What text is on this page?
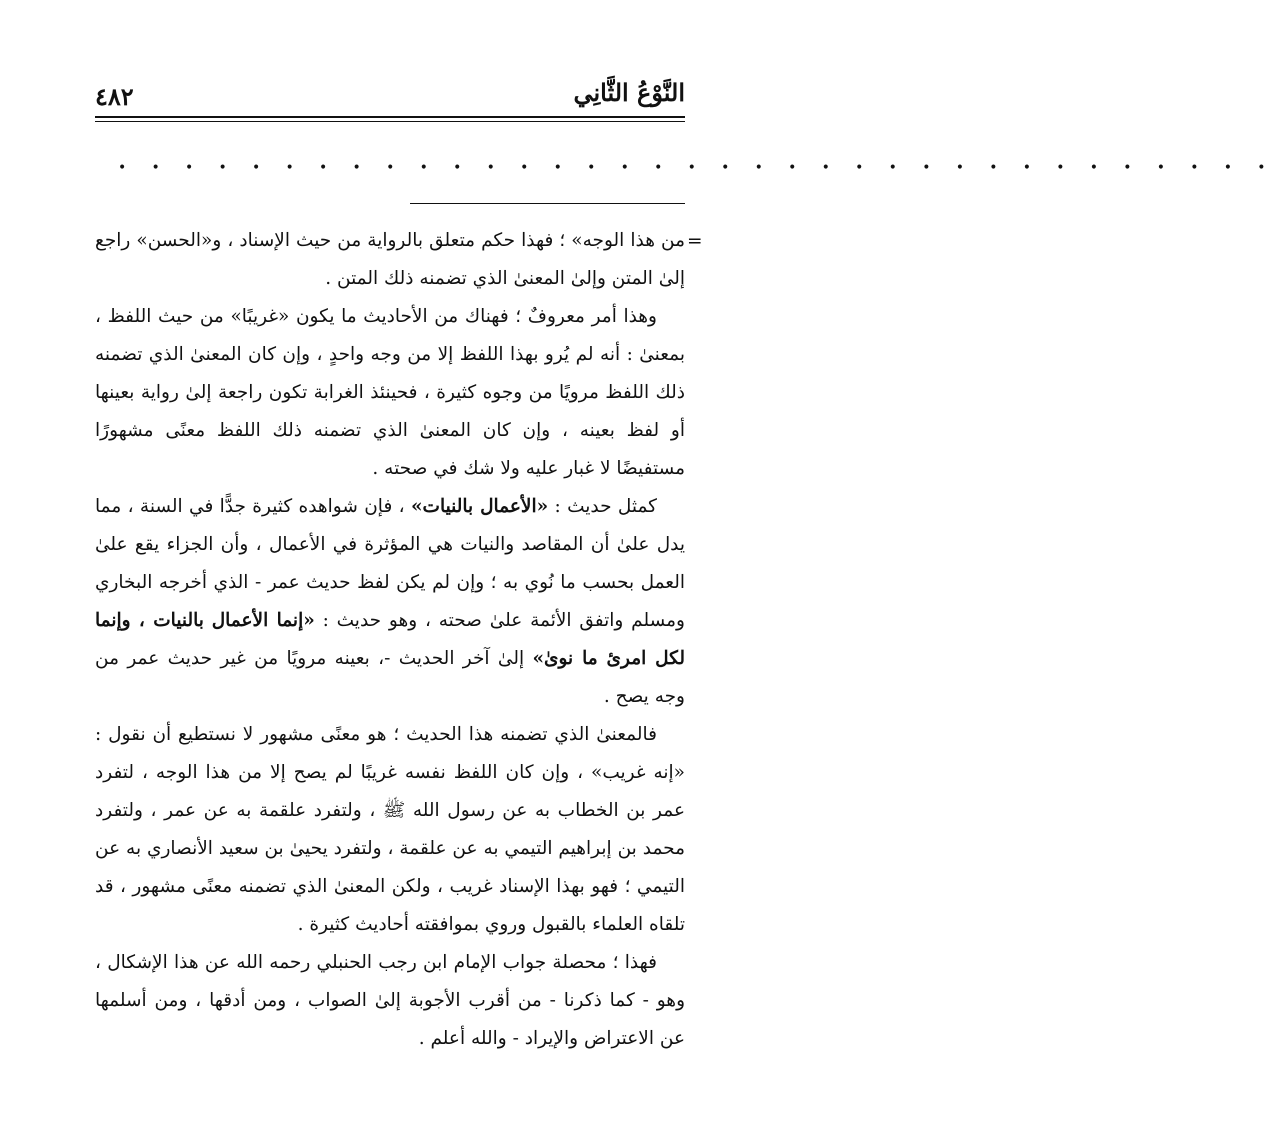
٤٨٢	النَّوْعُ الثَّانِي
• • • • • • • • • • • • • • • • • • • • • • • • • • • • • • • • • • •
=

من هذا الوجه» ؛ فهذا حكم متعلق بالرواية من حيث الإسناد ، و«الحسن» راجع إلىٰ المتن وإلىٰ المعنىٰ الذي تضمنه ذلك المتن .

وهذا أمر معروفٌ ؛ فهناك من الأحاديث ما يكون «غريبًا» من حيث اللفظ ، بمعنىٰ : أنه لم يُرو بهذا اللفظ إلا من وجه واحدٍ ، وإن كان المعنىٰ الذي تضمنه ذلك اللفظ مرويًا من وجوه كثيرة ، فحينئذ الغرابة تكون راجعة إلىٰ رواية بعينها أو لفظ بعينه ، وإن كان المعنىٰ الذي تضمنه ذلك اللفظ معنًى مشهورًا مستفيضًا لا غبار عليه ولا شك في صحته .

كمثل حديث : «الأعمال بالنيات» ، فإن شواهده كثيرة جدًّا في السنة ، مما يدل علىٰ أن المقاصد والنيات هي المؤثرة في الأعمال ، وأن الجزاء يقع علىٰ العمل بحسب ما نُوي به ؛ وإن لم يكن لفظ حديث عمر - الذي أخرجه البخاري ومسلم واتفق الأئمة علىٰ صحته ، وهو حديث : «إنما الأعمال بالنيات ، وإنما لكل امرئ ما نوىٰ» إلىٰ آخر الحديث -، بعينه مرويًا من غير حديث عمر من وجه يصح .

فالمعنىٰ الذي تضمنه هذا الحديث ؛ هو معنًى مشهور لا نستطيع أن نقول : «إنه غريب» ، وإن كان اللفظ نفسه غريبًا لم يصح إلا من هذا الوجه ، لتفرد عمر بن الخطاب به عن رسول الله ﷺ ، ولتفرد علقمة به عن عمر ، ولتفرد محمد بن إبراهيم التيمي به عن علقمة ، ولتفرد يحيىٰ بن سعيد الأنصاري به عن التيمي ؛ فهو بهذا الإسناد غريب ، ولكن المعنىٰ الذي تضمنه معنًى مشهور ، قد تلقاه العلماء بالقبول وروي بموافقته أحاديث كثيرة .

فهذا ؛ محصلة جواب الإمام ابن رجب الحنبلي رحمه الله عن هذا الإشكال ، وهو - كما ذكرنا - من أقرب الأجوبة إلىٰ الصواب ، ومن أدقها ، ومن أسلمها عن الاعتراض والإيراد - والله أعلم .
